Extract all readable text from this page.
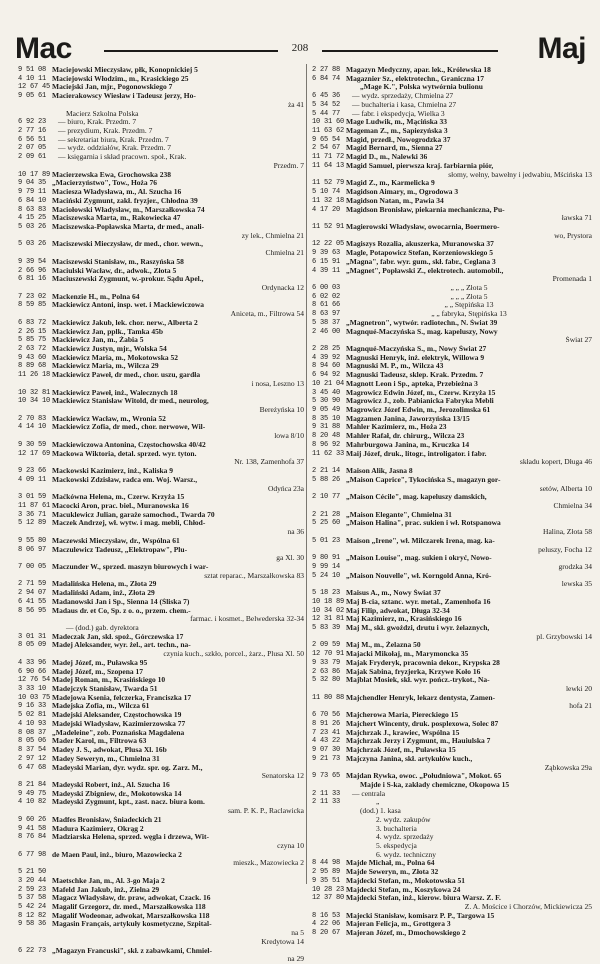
Mac	208	Maj
9 51 08 Maciejowski Mieczysław, płk, Konopnickiej 5
4 10 11 Maciejowski Włodzim., m., Krasickiego 25
12 67 45 Maciejski Jan, mjr., Pogonowskiego 7
9 05 61 Macierakowscy Wiesław i Tadeusz jerzy, Ho-
ża 41
Macierz Szkolna Polska
6 92 23	— biuro, Krak. Przedm. 7
2 77 16	— prezydium, Krak. Przedm. 7
6 56 51	— sekretariat biura, Krak. Przedm. 7
2 07 05	— wydz. oddziałów, Krak. Przedm. 7
2 09 61	— księgarnia i skład pracown. społ., Krak.
Przedm. 7
10 17 89 Macierzewska Ewa, Grochowska 238
9 04 35 „Macierzyństwo", Tow., Hoża 76
9 79 11 Maciesza Władysława, m., Al. Szucha 16
6 84 10 Maciński Zygmunt, zakł. fryzjer., Chłodna 39
8 63 83 Maciołowski Władysław, m., Marszałkowska 74
4 15 25 Maciszewska Marta, m., Rakowiecka 47
5 03 26 Maciszewska-Popławska Marta, dr med., anali-
zy lek., Chmielna 21
5 03 26 Maciszewski Mieczysław, dr med., chor. wewn.,
Chmielna 21
9 39 54 Maciszewski Stanisław, m., Raszyńska 58
2 66 96 Maciulski Wacław, dr., adwok., Złota 5
6 81 16 Maciuszewski Zygmunt, w.-prokur. Sądu Apel.,
Ordynacka 12
7 23 02 Mackenzie H., m., Polna 64
8 59 85 Mackiewicz Antoni, insp. wet. i Mackiewiczowa
Aniceta, m., Filtrowa 54
6 83 72 Mackiewicz Jakub, lek. chor. nerw., Alberta 2
2 26 15 Mackiewicz Jan, pplk., Tamka 45b
5 85 75 Mackiewicz Jan, m., Żabia 5
2 63 72 Mackiewicz Justyn, mjr., Wolska 54
9 43 60 Mackiewicz Maria, m., Mokotowska 52
8 89 68 Mackiewicz Maria, m., Wilcza 29
11 26 18 Mackiewicz Paweł, dr med., chor. uszu, gardła
i nosa, Leszno 13
10 32 81 Mackiewicz Paweł, inż., Walecznych 18
10 34 10 Mackiewicz Stanisław Witold, dr med., neurolog,
Bereżyńska 10
2 70 83 Mackiewicz Wacław, m., Wronia 52
4 14 10 Mackiewicz Zofia, dr med., chor. nerwowe, Wil-
lowa 8/10
9 30 59 Mackiewiczowa Antonina, Częstochowska 40/42
12 17 69 Mackowa Wiktoria, detal. sprzed. wyr. tyton.
Nr. 138, Zamenhofa 37
9 23 66 Mackowski Kazimierz, inż., Kaliska 9
4 09 11 Mackowski Zdzisław, radca em. Woj. Warsz.,
Odyńca 23a
3 01 59 Maćkówna Helena, m., Czerw. Krzyża 15
11 87 61 Macocki Aron, prac. biel., Muranowska 16
3 36 71 Macuklewicz Julian, garaże samochod., Twarda 70
5 12 89 Maczek Andrzej, wł. wytw. i mag. mebli, Chłod-
na 36
9 55 80 Maczewski Mieczysław, dr., Wspólna 61
8 06 97 Maczulewicz Tadeusz, „Elektropaw", Plu-
ga Xl. 30
7 00 05 Maczunder W., sprzed. maszyn biurowych i war-
sztat reparac., Marszałkowska 83
2 71 59 Madalińska Helena, m., Złota 29
2 94 07 Madaliński Adam, inż., Złota 29
6 41 55 Madanowski Jan i Sp., Sienna 14 (Śliska 7)
8 56 95 Madaus dr. et Co, Sp. z o. o., przem. chem.-
farmac. i kosmet., Belwederska 32-34
— (dod.) gab. dyrektora
3 01 31 Madeczak Jan, skł. spoż., Górczewska 17
8 05 09 Madej Aleksander, wyr. żel., art. techn., na-
czynia kuch., szkło, porcel., żarz., Plusa Xl. 50
4 33 96 Madej Józef, m., Puławska 95
6 90 66 Madej Józef, m., Szopena 17
12 76 54 Madej Roman, m., Krasińskiego 10
3 33 10 Madejczyk Stanisław, Twarda 51
10 03 75 Madejowa Ksenia, felczerka, Franciszka 17
9 16 33 Madejska Zofia, m., Wilcza 61
5 02 81 Madejski Aleksander, Częstochowska 19
4 10 93 Madejski Władysław, Kazimierzowska 77
8 08 37 „Madeleine", zob. Poznańska Magdalena
8 05 06 Mader Karol, m., Filtrowa 63
8 37 54 Madey J. S., adwokat, Plusa Xl. 16b
2 97 12 Madey Seweryn, m., Chmielna 31
6 47 68 Madeyski Marian, dyr. wydz. spr. og. Zarz. M.,
Senatorska 12
8 21 84 Madeyski Robert, inż., Al. Szucha 16
9 49 75 Madeyski Zbigniew, dr., Mokotowska 14
4 10 82 Madeyski Zygmunt, kpt., zast. nacz. biura kom.
sam. P. K. P., Raclawicka
9 60 26 Madfes Bronisław, Śniadeckich 21
9 41 58 Madura Kazimierz, Okrąg 2
8 76 84 Madziarska Helena, sprzed. węgla i drzewa, Wit-
czyna 10
6 77 98 de Maen Paul, inż., biuro, Mazowiecka 2
mieszk., Mazowiecka 2
5 21 50
3 20 44 Maetschke Jan, m., Al. 3-go Maja 2
2 59 23 Mafeld Jan Jakub, inż., Zielna 29
5 37 58 Magacz Władysław, dr. praw, adwokat, Czack. 16
5 42 24 Magalif Grzegorz, dr. med., Marszałkowska 118
8 12 82 Magalif Wodeonar, adwokat, Marszałkowska 118
9 58 36 Magasin Français, artykuły kosmetyczne, Szpital-
na 5
Kredytowa 14
6 22 73 „Magazyn Francuski", skł. z zabawkami, Chmiel-
na 29
2 27 88 Magazyn Medyczny, apar. lek., Królewska 18
6 84 74 Magaznier Sz., elektrotechn., Graniczna 17
„Mage K.", Polska wytwórnia bulionu
6 45 36	— wydz. sprzedaży, Chmielna 27
5 34 52	— buchalteria i kasa, Chmielna 27
5 44 77	— fabr. i ekspedycja, Wielka 3
10 31 60 Mage Ludwik, m., Mącińska 33
11 63 62 Mageman Z., m., Sapiezyńska 3
9 65 54 Magid, przedł., Nowogrodzka 37
2 54 67 Magid Bernard, m., Sienna 27
11 71 72 Magid D., m., Nalewki 36
11 64 13 Magid Samuel, pierwsza kraj. farbiarnia piór,
słomy, wełny, bawełny i jedwabiu, Mścińska 13
11 52 79 Magid Z., m., Karmelicka 9
5 10 74 Magidson Aimary, m., Ogrodowa 3
11 32 18 Magidson Natan, m., Pawia 34
4 17 20 Magidson Bronisław, piekarnia mechaniczna, Pu-
ławska 71
11 52 91 Magierowski Władysław, owocarnia, Boermero-
wo, Prystora
12 22 05 Magiszys Rozalia, akuszerka, Muranowska 37
9 39 63 Magle, Potapowicz Stefan, Korzeniowskiego 5
6 15 91 „Magna", fabr. wyr. gum., skł. fabr., Ceglana 3
4 39 11 „Magnet", Popławski Z., elektrotech. automobil.,
Promenada 1
6 00 03	„ „ „ Złota 5
6 02 02	„ „ „ Złota 5
8 61 66	„ „ Stępińska 13
8 63 97	„ „ fabryka, Stępińska 13
5 38 37 „Magnetron", wytwór. radiotechn., N. Świat 39
2 46 00 Magnqué-Maczyńska S., mag. kapeluszy, Nowy
Świat 27
2 28 25 Magnqué-Maczyńska S., m., Nowy Świat 27
4 39 92 Magnuski Henryk, inż. elektryk, Willowa 9
8 94 60 Magnuski M. P., m., Wilcza 43
6 94 92 Magnuski Tadeusz, sklep. Krak. Przedm. 7
10 21 04 Magnott Leon i Sp., apteka, Przebieżna 3
3 45 40 Magrowicz Edwin Józef, m., Czerw. Krzyża 15
5 30 90 Magrowicz J., zob. Pabianicka Fabryka Mebli
9 05 49 Magrowicz Józef Edwin, m., Jerozolimska 61
8 35 10 Magzamen Janina, Jaworzyńska 13/15
9 31 88 Mahler Kazimierz, m., Hoża 23
8 20 48 Mahler Rafał, dr. chirurg., Wilcza 23
8 96 92 Mahrburgowa Janina, m., Kruczka 14
11 62 33 Maij Józef, druk., litogr., introligator. i fabr.
składu kopert, Długa 46
2 21 14 Maison Alik, Jasna 8
5 88 26 „Maison Caprice", Tykocińska S., magazyn gor-
setów, Alberta 10
2 10 77 „Maison Cécile", mag. kapeluszy damskich,
Chmielna 34
2 21 28 „Maison Elegante", Chmielna 31
5 25 60 „Maison Halina", prac. sukien i wł. Rotspanowa
Halina, Złota 58
5 01 23 Maison „Irene", wł. Milczarek Irena, mag. ka-
peluszy, Focha 12
9 80 91 „Maison Louise", mag. sukien i okryć, Nowo-
9 99 14	grodzka 34
5 24 10 „Maison Nouvelle", wł. Korngold Anna, Kró-
lewska 35
5 18 23 Maisus A., m., Nowy Świat 37
10 18 89 Maj B-cia, sztanc. wyr. metal., Zamenhofa 16
10 34 02 Maj Filip, adwokat, Długa 32-34
12 31 81 Maj Kazimierz, m., Krasińskiego 16
5 83 39 Maj M., skł. gwoździ, drutu i wyr. żelaznych,
pl. Grzybowski 14
2 09 59 Maj M., m., Żelazna 50
12 70 91 Majacki Mikołaj, m., Marymoncka 35
9 33 79 Majak Fryderyk, pracownia dekor., Krypska 28
2 63 86 Majak Sabina, fryzjerka, Krzywe Koło 16
5 32 80 Majblat Mosiek, skł. wyr. pończ.-trykot., Na-
lewki 20
11 80 88 Majchendler Henryk, lekarz dentysta, Zamen-
hofa 21
6 70 56 Majcherowa Maria, Piereckiego 15
8 91 26 Majchert Wincenty, druk. posplexowa, Solec 87
7 23 41 Majchrzak J., krawiec, Wspólna 15
4 43 22 Majchrzak Jerzy i Zygmunt, m., Hauiulska 7
9 07 30 Majchrzak Józef, m., Puławska 15
9 21 73 Majczyna Janina, skł. artykułów kuch.,
Ząbkowska 29a
9 73 65 Majdan Rywka, owoc. „Południowa", Mokot. 65
Majde i S-ka, zakłady chemiczne, Okopowa 15
2 11 33	— centrala
2 11 33	„
(dod.) 1. kasa
2. wydz. zakupów
3. buchalteria
4. wydz. sprzedaży
5. ekspedycja
6. wydz. techniczny
8 44 98 Majde Michał, m., Polna 64
2 95 89 Majde Seweryn, m., Złota 32
9 35 51 Majdecki Stefan, m., Mokotowska 51
10 28 23 Majdecki Stefan, m., Koszykowa 24
12 37 80 Majdecki Stefan, inż., kierow. biura Warsz. Z. F.
Z. A. Mościce i Chorzów, Mickiewicza 25
8 16 53 Majecki Stanisław, komisarz P. P., Targowa 15
4 22 06 Majeran Felicja, m., Grottgera 3
8 20 67 Majeran Józef, m., Dmochowskiego 2
